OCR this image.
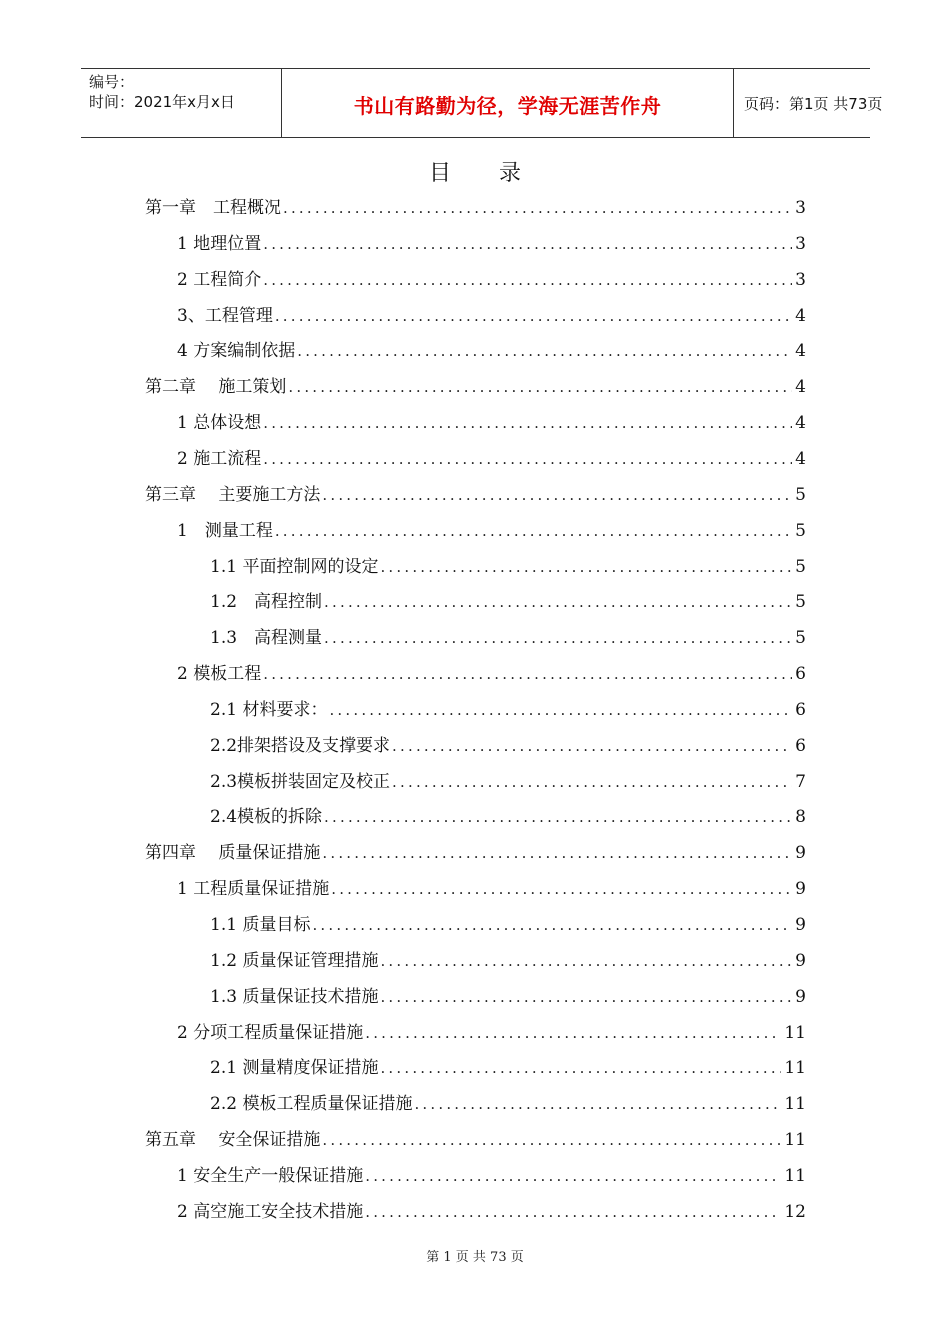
编号：
时间：2021年x月x日	书山有路勤为径，学海无涯苦作舟	页码：第1页 共73页
目 录
第一章　工程概况 .....	3
1 地理位置 .....	3
2 工程简介 .....	3
3、工程管理 .....	4
4 方案编制依据 .....	4
第二章　 施工策划 .....	4
1 总体设想 .....	4
2 施工流程 .....	4
第三章　 主要施工方法 .....	5
1　测量工程 .....	5
1.1 平面控制网的设定 .....	5
1.2　高程控制 .....	5
1.3　高程测量 .....	5
2 模板工程 .....	6
2.1 材料要求： .....	6
2.2排架搭设及支撑要求 .....	6
2.3模板拼装固定及校正 .....	7
2.4模板的拆除 .....	8
第四章　 质量保证措施 .....	9
1 工程质量保证措施 .....	9
1.1 质量目标 .....	9
1.2 质量保证管理措施 .....	9
1.3 质量保证技术措施 .....	9
2 分项工程质量保证措施 .....	11
2.1 测量精度保证措施 .....	11
2.2 模板工程质量保证措施 .....	11
第五章　 安全保证措施 .....	11
1 安全生产一般保证措施 .....	11
2 高空施工安全技术措施 .....	12
第 1 页 共 73 页
